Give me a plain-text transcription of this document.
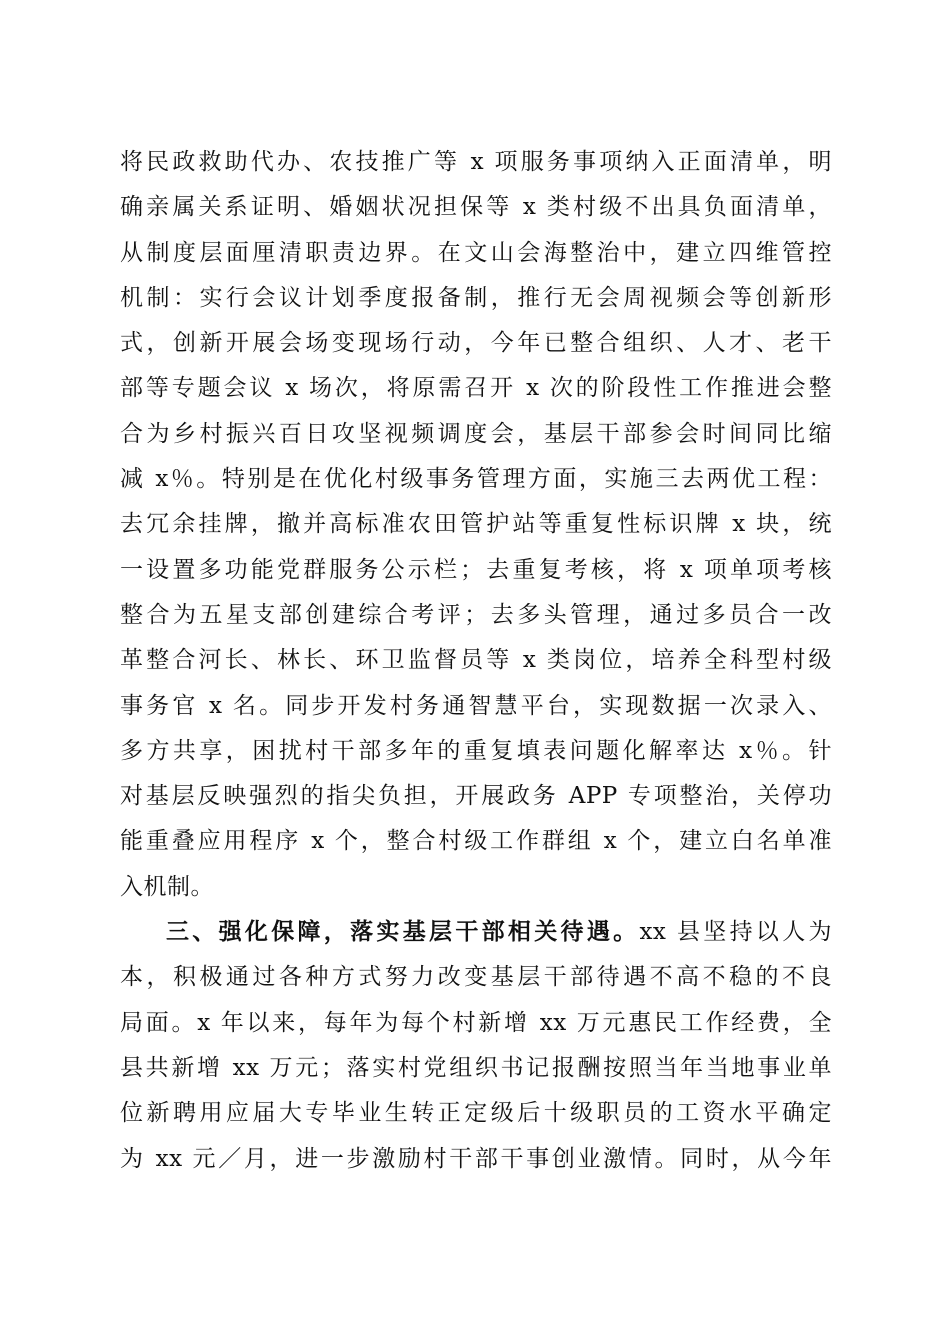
将民政救助代办、农技推广等 x 项服务事项纳入正面清单，明
确亲属关系证明、婚姻状况担保等 x 类村级不出具负面清单，
从制度层面厘清职责边界。在文山会海整治中，建立四维管控
机制：实行会议计划季度报备制，推行无会周视频会等创新形
式，创新开展会场变现场行动，今年已整合组织、人才、老干
部等专题会议 x 场次，将原需召开 x 次的阶段性工作推进会整
合为乡村振兴百日攻坚视频调度会，基层干部参会时间同比缩
减 x％。特别是在优化村级事务管理方面，实施三去两优工程：
去冗余挂牌，撤并高标准农田管护站等重复性标识牌 x 块，统
一设置多功能党群服务公示栏；去重复考核，将 x 项单项考核
整合为五星支部创建综合考评；去多头管理，通过多员合一改
革整合河长、林长、环卫监督员等 x 类岗位，培养全科型村级
事务官 x 名。同步开发村务通智慧平台，实现数据一次录入、
多方共享，困扰村干部多年的重复填表问题化解率达 x％。针
对基层反映强烈的指尖负担，开展政务 APP 专项整治，关停功
能重叠应用程序 x 个，整合村级工作群组 x 个，建立白名单准
入机制。
三、强化保障，落实基层干部相关待遇。xx 县坚持以人为
本，积极通过各种方式努力改变基层干部待遇不高不稳的不良
局面。x 年以来，每年为每个村新增 xx 万元惠民工作经费，全
县共新增 xx 万元；落实村党组织书记报酬按照当年当地事业单
位新聘用应届大专毕业生转正定级后十级职员的工资水平确定
为 xx 元／月，进一步激励村干部干事创业激情。同时，从今年
